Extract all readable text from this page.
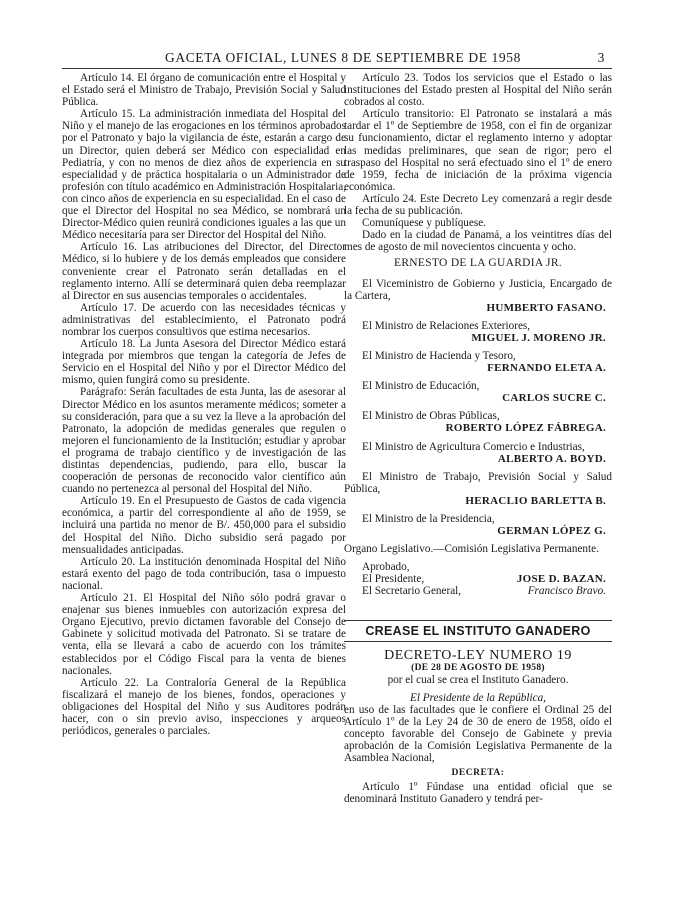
GACETA OFICIAL, LUNES 8 DE SEPTIEMBRE DE 1958	3

Artículo 14. El órgano de comunicación entre el Hospital y el Estado será el Ministro de Trabajo, Previsión Social y Salud Pública.

Artículo 15. La administración inmediata del Hospital del Niño y el manejo de las erogaciones en los términos aprobados por el Patronato y bajo la vigilancia de éste, estarán a cargo de un Director, quien deberá ser Médico con especialidad en Pediatría, y con no menos de diez años de experiencia en su especialidad y de práctica hospitalaria o un Administrador de profesión con título académico en Administración Hospitalaria, con cinco años de experiencia en su especialidad. En el caso de que el Director del Hospital no sea Médico, se nombrará un Director-Médico quien reunirá condiciones iguales a las que un Médico necesitaría para ser Director del Hospital del Niño.

Artículo 16. Las atribuciones del Director, del Director Médico, si lo hubiere y de los demás empleados que considere conveniente crear el Patronato serán detalladas en el reglamento interno. Allí se determinará quien deba reemplazar al Director en sus ausencias temporales o accidentales.

Artículo 17. De acuerdo con las necesidades técnicas y administrativas del establecimiento, el Patronato podrá nombrar los cuerpos consultivos que estima necesarios.

Artículo 18. La Junta Asesora del Director Médico estará integrada por miembros que tengan la categoría de Jefes de Servicio en el Hospital del Niño y por el Director Médico del mismo, quien fungirá como su presidente.

Parágrafo: Serán facultades de esta Junta, las de asesorar al Director Médico en los asuntos meramente médicos; someter a su consideración, para que a su vez la lleve a la aprobación del Patronato, la adopción de medidas generales que regulen o mejoren el funcionamiento de la Institución; estudiar y aprobar el programa de trabajo científico y de investigación de las distintas dependencias, pudiendo, para ello, buscar la cooperación de personas de reconocido valor científico aún cuando no pertenezca al personal del Hospital del Niño.

Artículo 19. En el Presupuesto de Gastos de cada vigencia económica, a partir del correspondiente al año de 1959, se incluirá una partida no menor de B/. 450,000 para el subsidio del Hospital del Niño. Dicho subsidio será pagado por mensualidades anticipadas.

Artículo 20. La institución denominada Hospital del Niño estará exento del pago de toda contribución, tasa o impuesto nacional.

Artículo 21. El Hospital del Niño sólo podrá gravar o enajenar sus bienes inmuebles con autorización expresa del Organo Ejecutivo, previo dictamen favorable del Consejo de Gabinete y solicitud motivada del Patronato. Si se tratare de venta, ella se llevará a cabo de acuerdo con los trámites establecidos por el Código Fiscal para la venta de bienes nacionales.

Artículo 22. La Contraloría General de la República fiscalizará el manejo de los bienes, fondos, operaciones y obligaciones del Hospital del Niño y sus Auditores podrán hacer, con o sin previo aviso, inspecciones y arqueos periódicos, generales o parciales.

Artículo 23. Todos los servicios que el Estado o las instituciones del Estado presten al Hospital del Niño serán cobrados al costo.

Artículo transitorio: El Patronato se instalará a más tardar el 1º de Septiembre de 1958, con el fin de organizar su funcionamiento, dictar el reglamento interno y adoptar las medidas preliminares, que sean de rigor; pero el traspaso del Hospital no será efectuado sino el 1º de enero de 1959, fecha de iniciación de la próxima vigencia económica.

Artículo 24. Este Decreto Ley comenzará a regir desde la fecha de su publicación.

Comuníquese y publíquese.

Dado en la ciudad de Panamá, a los veintitres días del mes de agosto de mil novecientos cincuenta y ocho.

ERNESTO DE LA GUARDIA JR.

El Viceministro de Gobierno y Justicia, Encargado de la Cartera,

HUMBERTO FASANO.

El Ministro de Relaciones Exteriores,

MIGUEL J. MORENO JR.

El Ministro de Hacienda y Tesoro,

FERNANDO ELETA A.

El Ministro de Educación,

CARLOS SUCRE C.

El Ministro de Obras Públicas,

ROBERTO LÓPEZ FÁBREGA.

El Ministro de Agricultura Comercio e Industrias,

ALBERTO A. BOYD.

El Ministro de Trabajo, Previsión Social y Salud Pública,

HERACLIO BARLETTA B.

El Ministro de la Presidencia,

GERMAN LÓPEZ G.

Organo Legislativo.—Comisión Legislativa Permanente.

Aprobado,

El Presidente,	JOSE D. BAZAN.
El Secretario General,	Francisco Bravo.
CREASE EL INSTITUTO GANADERO
DECRETO-LEY NUMERO 19
(DE 28 DE AGOSTO DE 1958)
por el cual se crea el Instituto Ganadero.
El Presidente de la República,

en uso de las facultades que le confiere el Ordinal 25 del Artículo 1º de la Ley 24 de 30 de enero de 1958, oído el concepto favorable del Consejo de Gabinete y previa aprobación de la Comisión Legislativa Permanente de la Asamblea Nacional,

DECRETA:

Artículo 1º Fúndase una entidad oficial que se denominará Instituto Ganadero y tendrá per-
